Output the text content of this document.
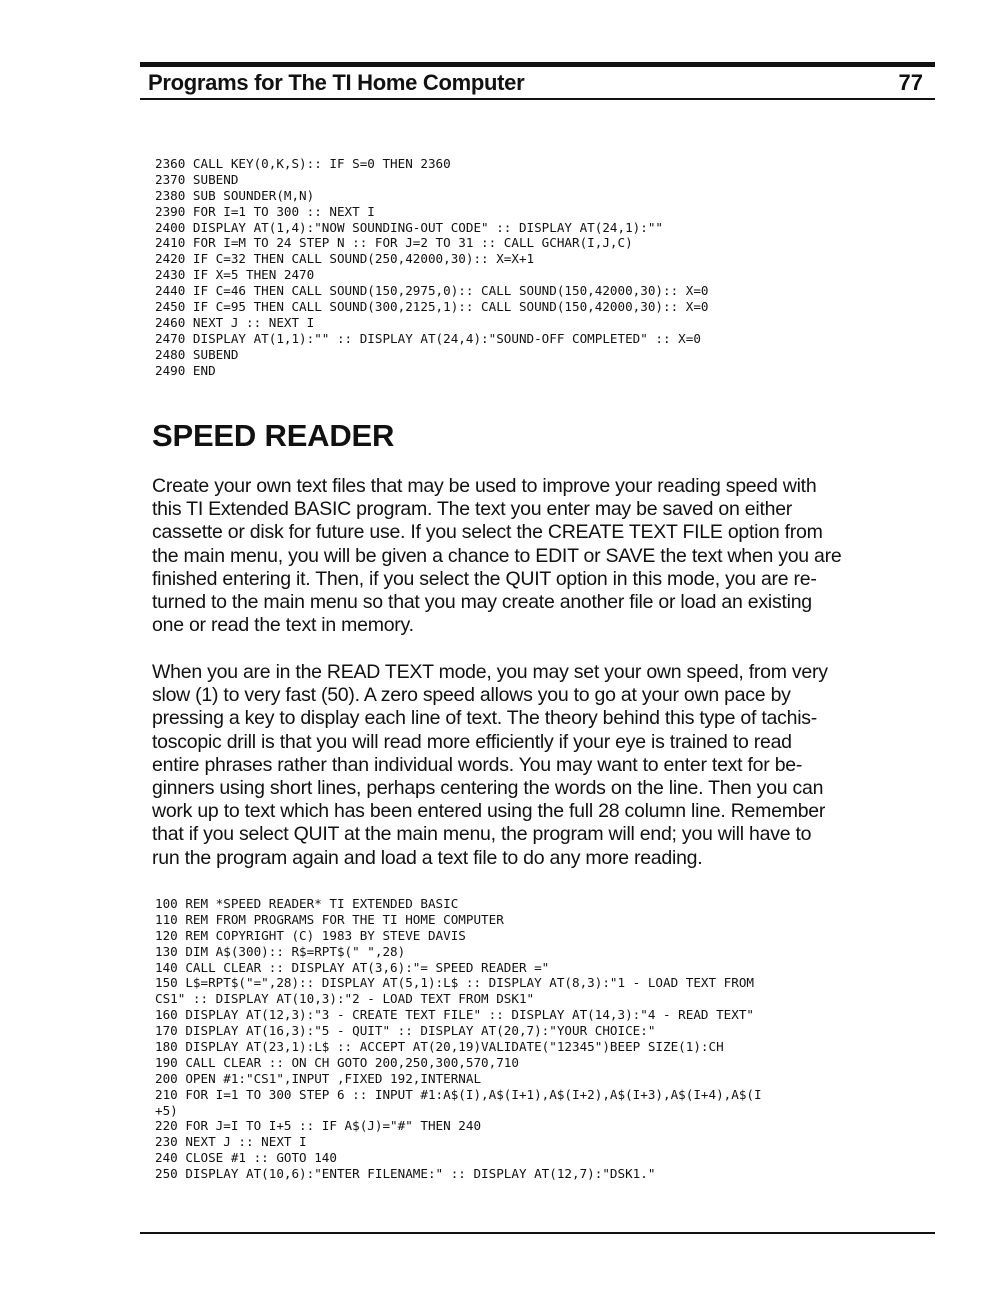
Programs for The TI Home Computer	77
2360 CALL KEY(0,K,S):: IF S=0 THEN 2360
2370 SUBEND
2380 SUB SOUNDER(M,N)
2390 FOR I=1 TO 300 :: NEXT I
2400 DISPLAY AT(1,4):"NOW SOUNDING-OUT CODE" :: DISPLAY AT(24,1):""
2410 FOR I=M TO 24 STEP N :: FOR J=2 TO 31 :: CALL GCHAR(I,J,C)
2420 IF C=32 THEN CALL SOUND(250,42000,30):: X=X+1
2430 IF X=5 THEN 2470
2440 IF C=46 THEN CALL SOUND(150,2975,0):: CALL SOUND(150,42000,30):: X=0
2450 IF C=95 THEN CALL SOUND(300,2125,1):: CALL SOUND(150,42000,30):: X=0
2460 NEXT J :: NEXT I
2470 DISPLAY AT(1,1):"" :: DISPLAY AT(24,4):"SOUND-OFF COMPLETED" :: X=0
2480 SUBEND
2490 END
SPEED READER

Create your own text files that may be used to improve your reading speed with
this TI Extended BASIC program. The text you enter may be saved on either
cassette or disk for future use. If you select the CREATE TEXT FILE option from
the main menu, you will be given a chance to EDIT or SAVE the text when you are
finished entering it. Then, if you select the QUIT option in this mode, you are re-
turned to the main menu so that you may create another file or load an existing
one or read the text in memory.

When you are in the READ TEXT mode, you may set your own speed, from very
slow (1) to very fast (50). A zero speed allows you to go at your own pace by
pressing a key to display each line of text. The theory behind this type of tachis-
toscopic drill is that you will read more efficiently if your eye is trained to read
entire phrases rather than individual words. You may want to enter text for be-
ginners using short lines, perhaps centering the words on the line. Then you can
work up to text which has been entered using the full 28 column line. Remember
that if you select QUIT at the main menu, the program will end; you will have to
run the program again and load a text file to do any more reading.

100 REM *SPEED READER* TI EXTENDED BASIC
110 REM FROM PROGRAMS FOR THE TI HOME COMPUTER
120 REM COPYRIGHT (C) 1983 BY STEVE DAVIS
130 DIM A$(300):: R$=RPT$(" ",28)
140 CALL CLEAR :: DISPLAY AT(3,6):"= SPEED READER ="
150 L$=RPT$("=",28):: DISPLAY AT(5,1):L$ :: DISPLAY AT(8,3):"1 - LOAD TEXT FROM
CS1" :: DISPLAY AT(10,3):"2 - LOAD TEXT FROM DSK1"
160 DISPLAY AT(12,3):"3 - CREATE TEXT FILE" :: DISPLAY AT(14,3):"4 - READ TEXT"
170 DISPLAY AT(16,3):"5 - QUIT" :: DISPLAY AT(20,7):"YOUR CHOICE:"
180 DISPLAY AT(23,1):L$ :: ACCEPT AT(20,19)VALIDATE("12345")BEEP SIZE(1):CH
190 CALL CLEAR :: ON CH GOTO 200,250,300,570,710
200 OPEN #1:"CS1",INPUT ,FIXED 192,INTERNAL
210 FOR I=1 TO 300 STEP 6 :: INPUT #1:A$(I),A$(I+1),A$(I+2),A$(I+3),A$(I+4),A$(I
+5)
220 FOR J=I TO I+5 :: IF A$(J)="#" THEN 240
230 NEXT J :: NEXT I
240 CLOSE #1 :: GOTO 140
250 DISPLAY AT(10,6):"ENTER FILENAME:" :: DISPLAY AT(12,7):"DSK1."
